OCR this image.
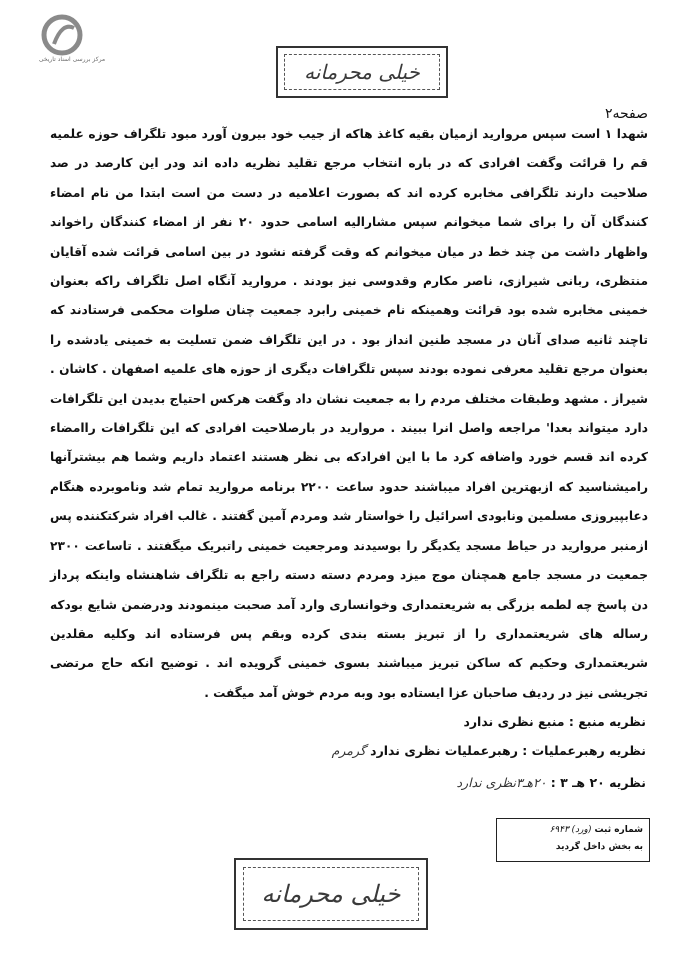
مرکز بررسی اسناد تاریخی
خیلی محرمانه
صفحه۲

شهدا ۱ است سپس مروارید ازمیان بقیه کاغذ هاکه از جیب خود بیرون آورد مبود تلگراف حوزه علمیه قم را قرائت وگفت افرادی که در باره انتخاب مرجع تقلید نظریه داده اند ودر این کارصد در صد صلاحیت دارند تلگرافی مخابره کرده اند که بصورت اعلامیه در دست من است ابتدا من نام امضاء کنندگان آن را برای شما میخوانم سپس مشارالیه اسامی حدود ۲۰ نفر از امضاء کنندگان راخواند واظهار داشت من چند خط در میان میخوانم که وقت گرفته نشود در بین اسامی قرائت شده آقایان منتظری، ربانی شیرازی، ناصر مکارم وقدوسی نیز بودند . مروارید آنگاه اصل تلگراف راکه بعنوان خمینی مخابره شده بود قرائت وهمینکه نام خمینی رابرد جمعیت چنان صلوات محکمی فرستادند که تاچند ثانیه صدای آنان در مسجد طنین انداز بود . در این تلگراف ضمن تسلیت به خمینی یادشده را بعنوان مرجع تقلید معرفی نموده بودند سپس تلگرافات دیگری از حوزه های علمیه اصفهان . کاشان . شیراز . مشهد وطبقات مختلف مردم را به جمعیت نشان داد وگفت هرکس احتیاج بدیدن این تلگرافات دارد میتواند بعدا' مراجعه واصل انرا ببیند . مروارید در بارصلاحیت افرادی که این تلگرافات راامضاء کرده اند قسم خورد واضافه کرد ما با این افرادکه بی نظر هستند اعتماد داریم وشما هم بیشترآنها رامیشناسید که ازبهترین افراد میباشند حدود ساعت ۲۲۰۰ برنامه مروارید تمام شد وناموبرده هنگام دعابپیروزی مسلمین ونابودی اسرائیل را خواستار شد ومردم آمین گفتند . غالب افراد شرکتکننده پس ازمنبر مروارید در حیاط مسجد یکدیگر را بوسیدند ومرجعیت خمینی راتبریک میگفتند . تاساعت ۲۳۰۰ جمعیت در مسجد جامع همچنان موج میزد ومردم دسته دسته راجع به تلگراف شاهنشاه واینکه پرداز دن پاسخ چه لطمه بزرگی به شریعتمداری وخوانساری وارد آمد صحبت مینمودند ودرضمن شایع بودکه رساله های شریعتمداری را از تبریز بسته بندی کرده وبقم پس فرستاده اند وکلیه مقلدین شریعتمداری وحکیم که ساکن تبریز میباشند بسوی خمینی گرویده اند . توضیح انکه حاج مرتضی تجریشی نیز در ردیف صاحبان عزا ایستاده بود وبه مردم خوش آمد میگفت .

نظریه منبع : منبع نظری ندارد
نظریه رهبرعملیات : رهبرعملیات نظری ندارد گرمرم
نظریه ۲۰ هـ ۳ : ۲۰هـ۳نظری ندارد
شماره ثبت (ورد) ۶۹۴۳
به بخش داخل گردید
خیلی محرمانه
